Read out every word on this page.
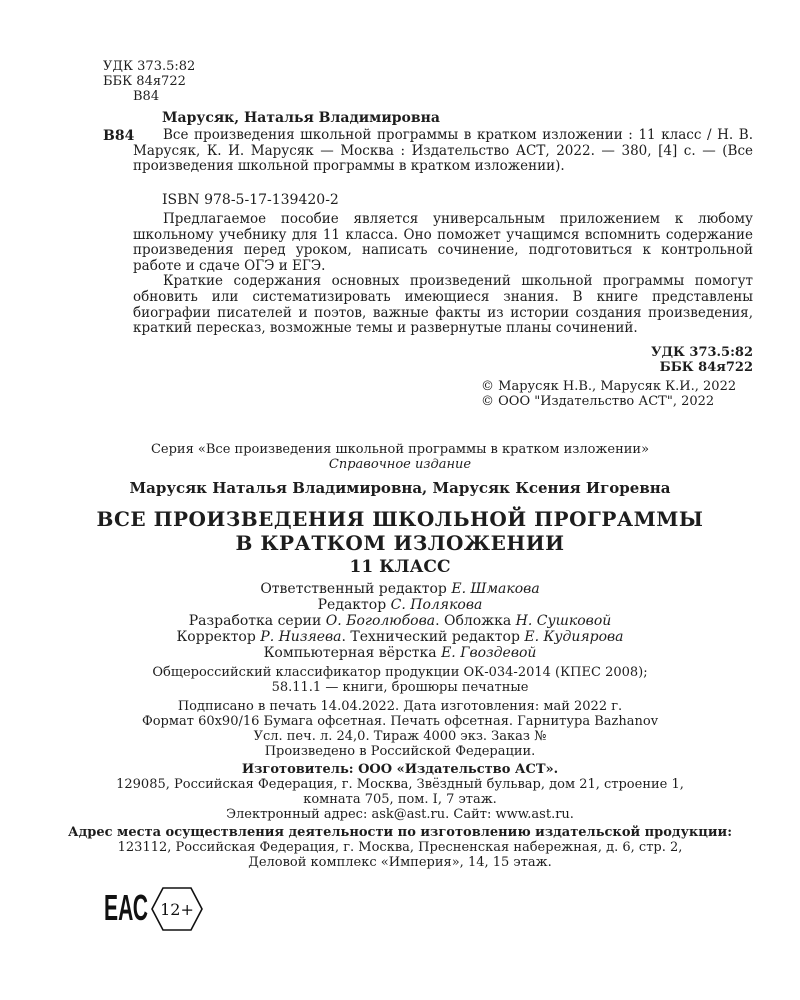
УДК 373.5:82
ББК 84я722
В84
Марусяк, Наталья Владимировна
В84	Все произведения школьной программы в кратком изложении : 11 класс / Н. В. Марусяк, К. И. Марусяк — Москва : Издательство АСТ, 2022. — 380, [4] с. — (Все произведения школьной программы в кратком изложении).

ISBN 978-5-17-139420-2

Предлагаемое пособие является универсальным приложением к любому школьному учебнику для 11 класса. Оно поможет учащимся вспомнить содержание произведения перед уроком, написать сочинение, подготовиться к контрольной работе и сдаче ОГЭ и ЕГЭ.

Краткие содержания основных произведений школьной программы помогут обновить или систематизировать имеющиеся знания. В книге представлены биографии писателей и поэтов, важные факты из истории создания произведения, краткий пересказ, возможные темы и развернутые планы сочинений.

УДК 373.5:82
ББК 84я722
© Марусяк Н.В., Марусяк К.И., 2022
© ООО "Издательство АСТ", 2022
Серия «Все произведения школьной программы в кратком изложении»
Справочное издание
Марусяк Наталья Владимировна, Марусяк Ксения Игоревна
ВСЕ ПРОИЗВЕДЕНИЯ ШКОЛЬНОЙ ПРОГРАММЫ
В КРАТКОМ ИЗЛОЖЕНИИ
11 КЛАСС
Ответственный редактор Е. Шмакова
Редактор С. Полякова
Разработка серии О. Боголюбова. Обложка Н. Сушковой
Корректор Р. Низяева. Технический редактор Е. Кудиярова
Компьютерная вёрстка Е. Гвоздевой
Общероссийский классификатор продукции ОК-034-2014 (КПЕС 2008);
58.11.1 — книги, брошюры печатные
Подписано в печать 14.04.2022. Дата изготовления: май 2022 г.
Формат 60х90/16 Бумага офсетная. Печать офсетная. Гарнитура Bazhanov
Усл. печ. л. 24,0. Тираж 4000 экз. Заказ №
Произведено в Российской Федерации.
Изготовитель: ООО «Издательство АСТ».
129085, Российская Федерация, г. Москва, Звёздный бульвар, дом 21, строение 1,
комната 705, пом. I, 7 этаж.
Электронный адрес: ask@ast.ru. Сайт: www.ast.ru.
Адрес места осуществления деятельности по изготовлению издательской продукции:
123112, Российская Федерация, г. Москва, Пресненская набережная, д. 6, стр. 2,
Деловой комплекс «Империя», 14, 15 этаж.
ЕАС 12+
